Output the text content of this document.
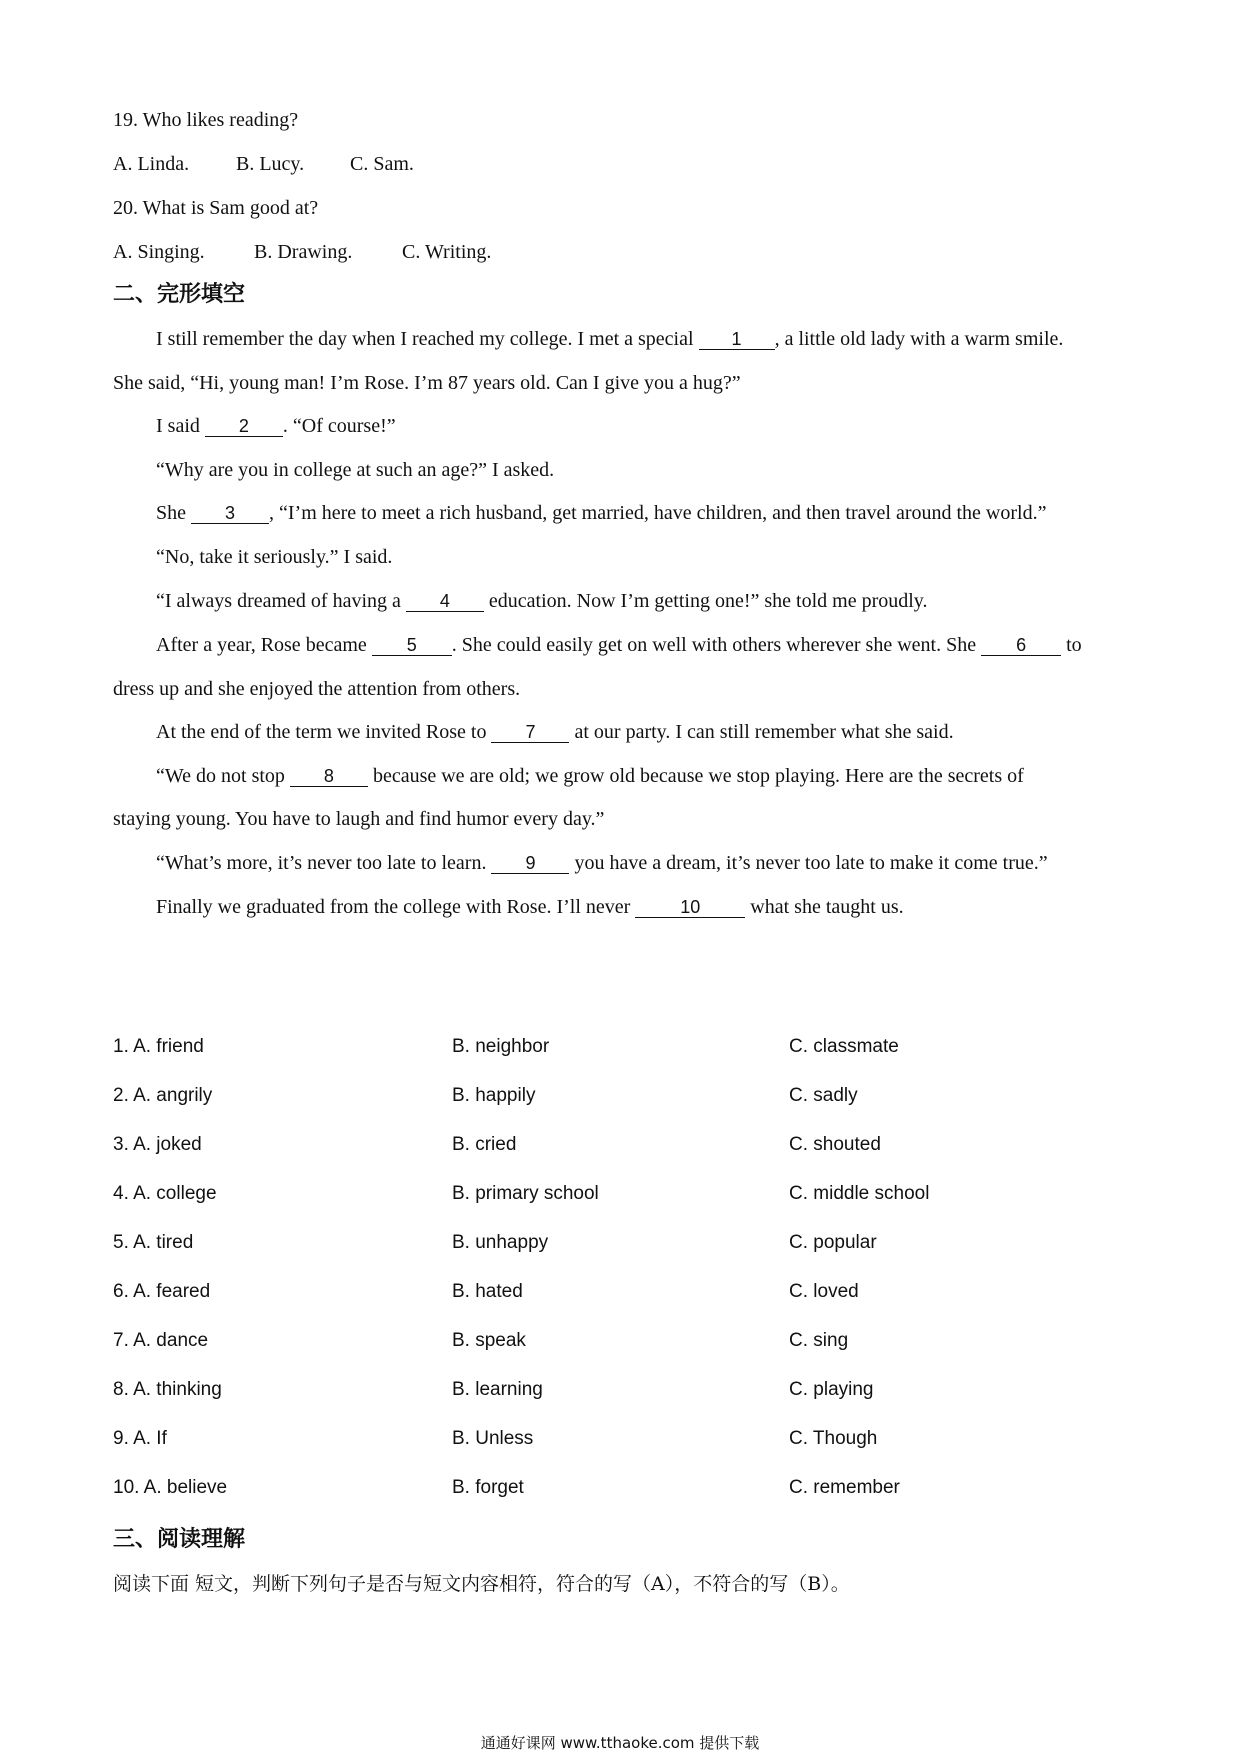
19. Who likes reading?
A. Linda. B. Lucy. C. Sam.
20. What is Sam good at?
A. Singing. B. Drawing. C. Writing.
二、完形填空
I still remember the day when I reached my college. I met a special 1 , a little old lady with a warm smile.
She said, “Hi, young man! I’m Rose. I’m 87 years old. Can I give you a hug?”
I said 2 . “Of course!”
“Why are you in college at such an age?” I asked.
She 3 , “I’m here to meet a rich husband, get married, have children, and then travel around the world.”
“No, take it seriously.” I said.
“I always dreamed of having a 4 education. Now I’m getting one!” she told me proudly.
After a year, Rose became 5 . She could easily get on well with others wherever she went. She 6 to
dress up and she enjoyed the attention from others.
At the end of the term we invited Rose to 7 at our party. I can still remember what she said.
“We do not stop 8 because we are old; we grow old because we stop playing. Here are the secrets of
staying young. You have to laugh and find humor every day.”
“What’s more, it’s never too late to learn. 9 you have a dream, it’s never too late to make it come true.”
Finally we graduated from the college with Rose. I’ll never 10 what she taught us.
1. A. friend	B. neighbor	C. classmate
2. A. angrily	B. happily	C. sadly
3. A. joked	B. cried	C. shouted
4. A. college	B. primary school	C. middle school
5. A. tired	B. unhappy	C. popular
6. A. feared	B. hated	C. loved
7. A. dance	B. speak	C. sing
8. A. thinking	B. learning	C. playing
9. A. If	B. Unless	C. Though
10. A. believe	B. forget	C. remember
三、阅读理解
阅读下面 短文，判断下列句子是否与短文内容相符，符合的写（A），不符合的写（B）。
通通好课网 www.tthaoke.com 提供下载
